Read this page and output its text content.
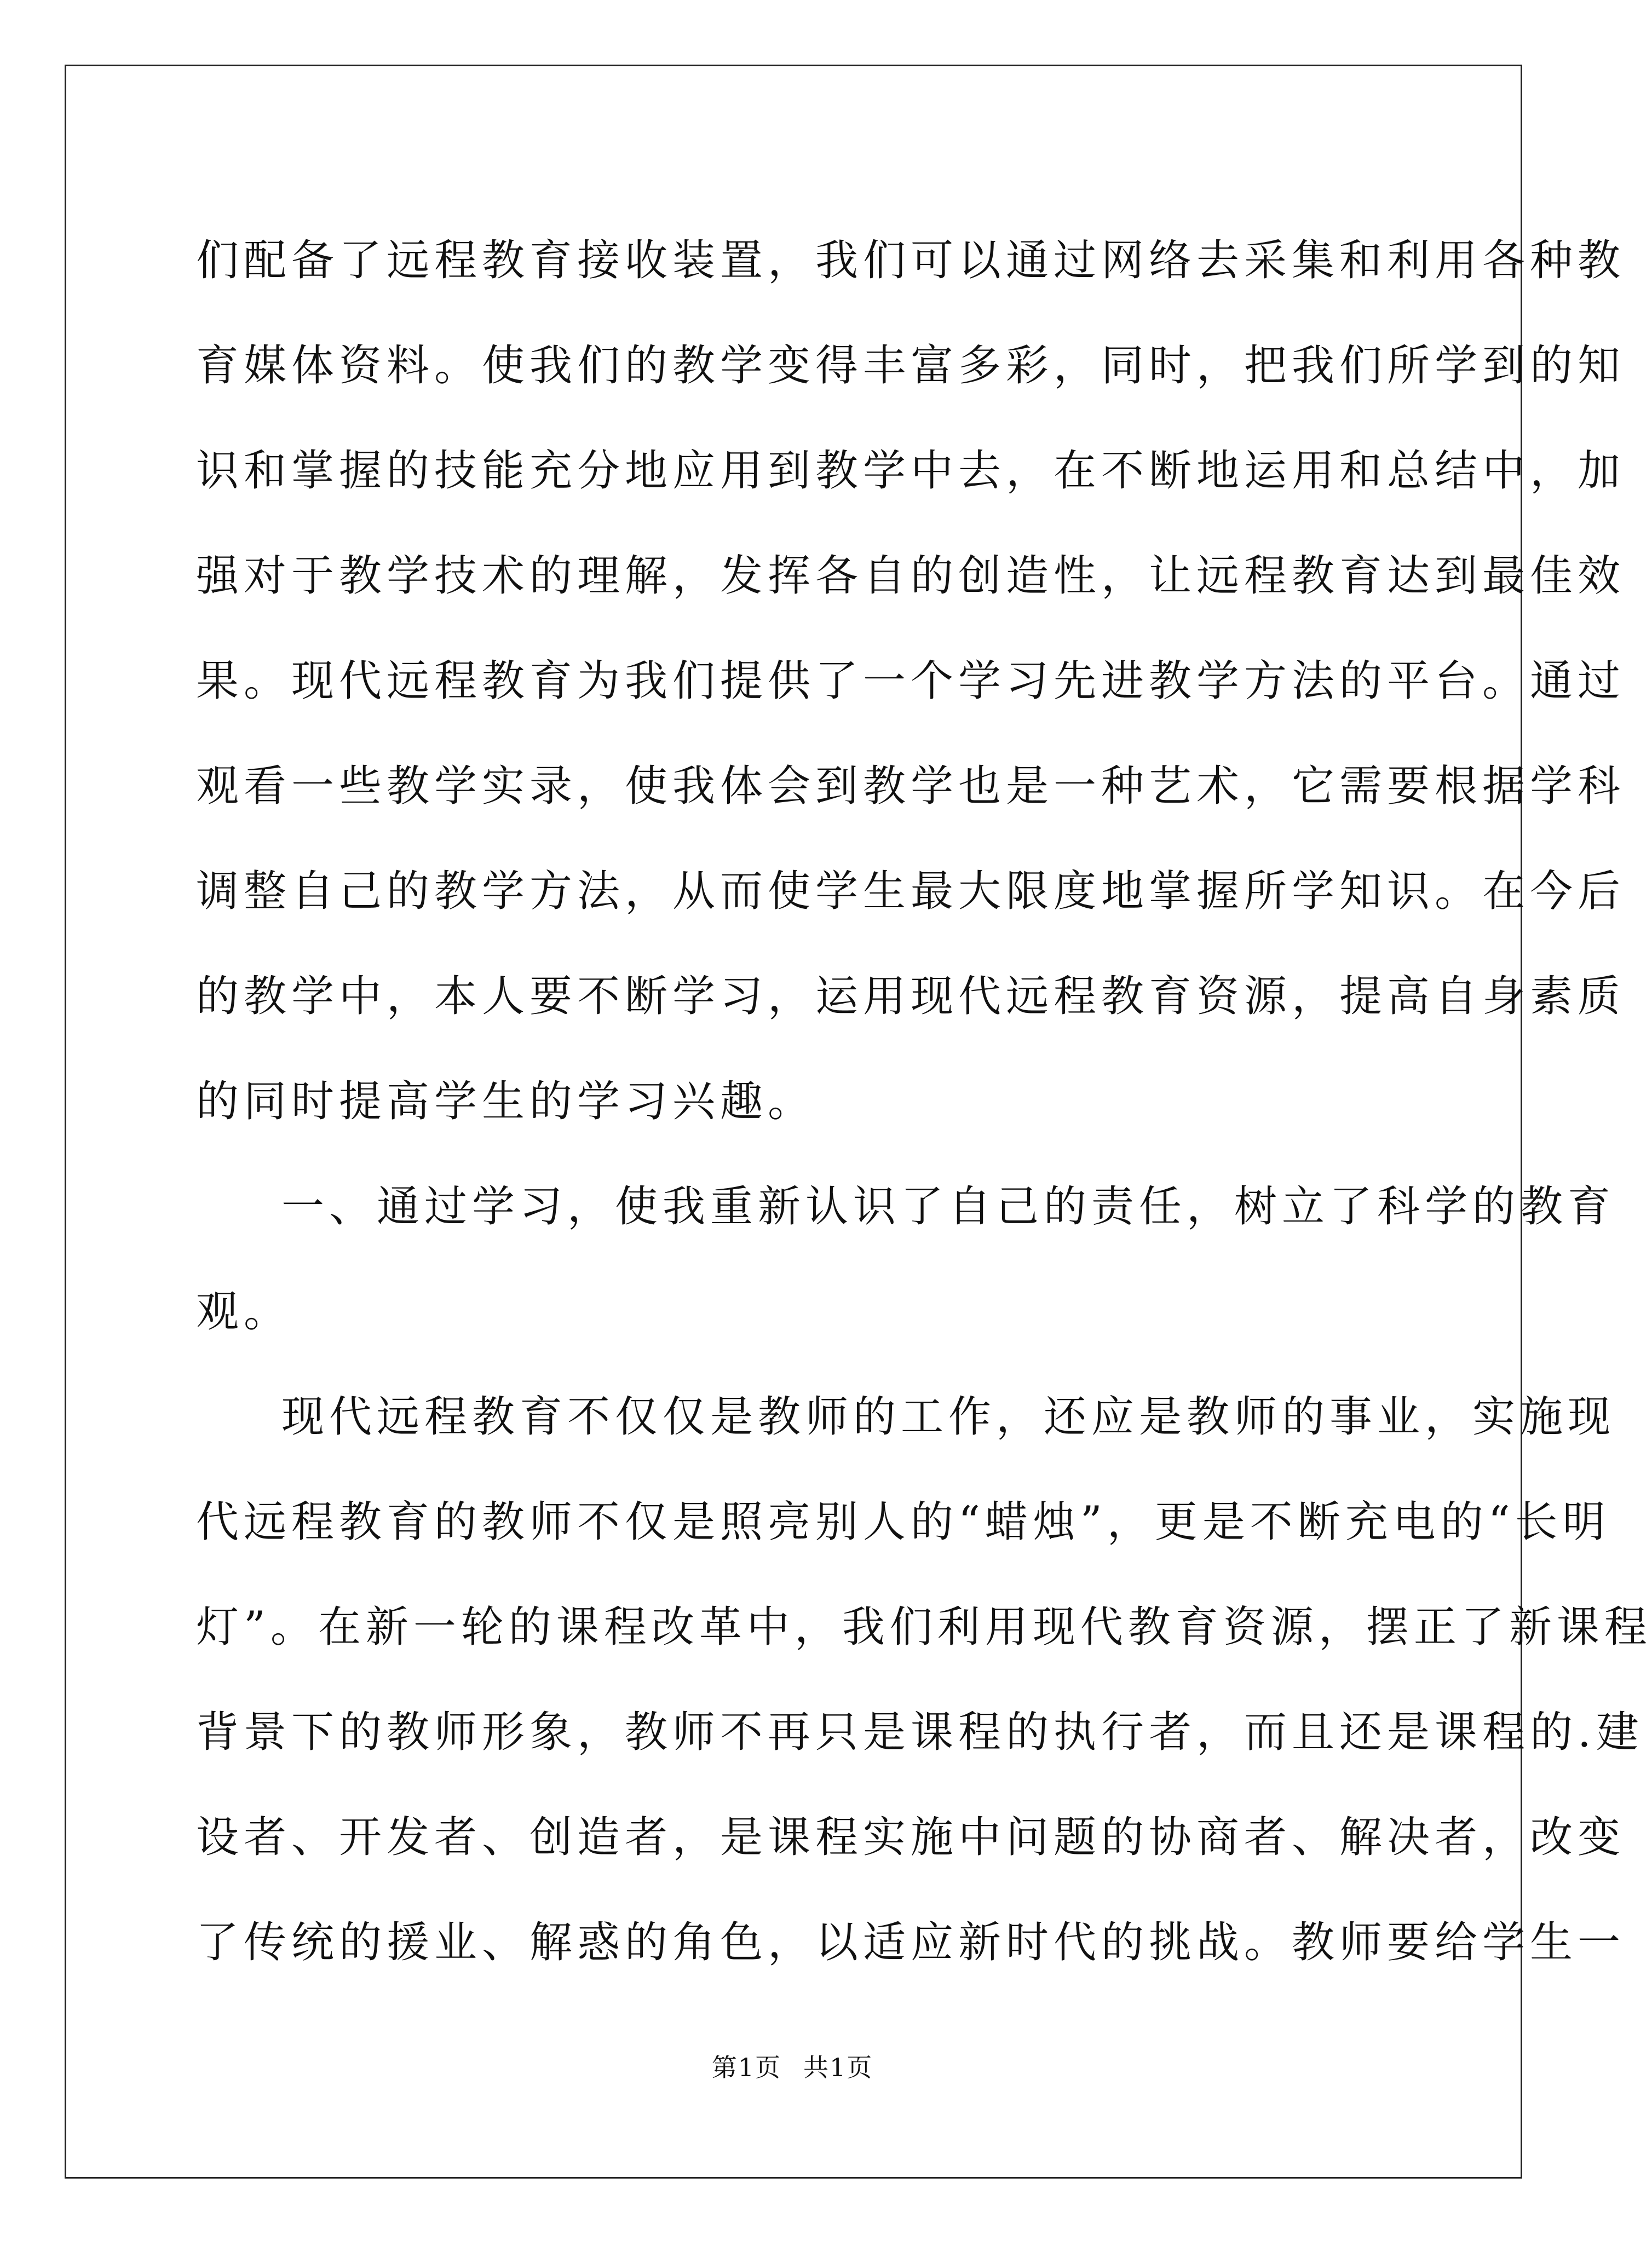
们配备了远程教育接收装置，我们可以通过网络去采集和利用各种教
育媒体资料。使我们的教学变得丰富多彩，同时，把我们所学到的知
识和掌握的技能充分地应用到教学中去，在不断地运用和总结中，加
强对于教学技术的理解，发挥各自的创造性，让远程教育达到最佳效
果。现代远程教育为我们提供了一个学习先进教学方法的平台。通过
观看一些教学实录，使我体会到教学也是一种艺术，它需要根据学科
调整自己的教学方法，从而使学生最大限度地掌握所学知识。在今后
的教学中，本人要不断学习，运用现代远程教育资源，提高自身素质
的同时提高学生的学习兴趣。
一、通过学习，使我重新认识了自己的责任，树立了科学的教育
观。
现代远程教育不仅仅是教师的工作，还应是教师的事业，实施现
代远程教育的教师不仅是照亮别人的“蜡烛”，更是不断充电的“长明
灯”。在新一轮的课程改革中，我们利用现代教育资源，摆正了新课程
背景下的教师形象，教师不再只是课程的执行者，而且还是课程的.建
设者、开发者、创造者，是课程实施中问题的协商者、解决者，改变
了传统的援业、解惑的角色，以适应新时代的挑战。教师要给学生一
第1页 共1页
